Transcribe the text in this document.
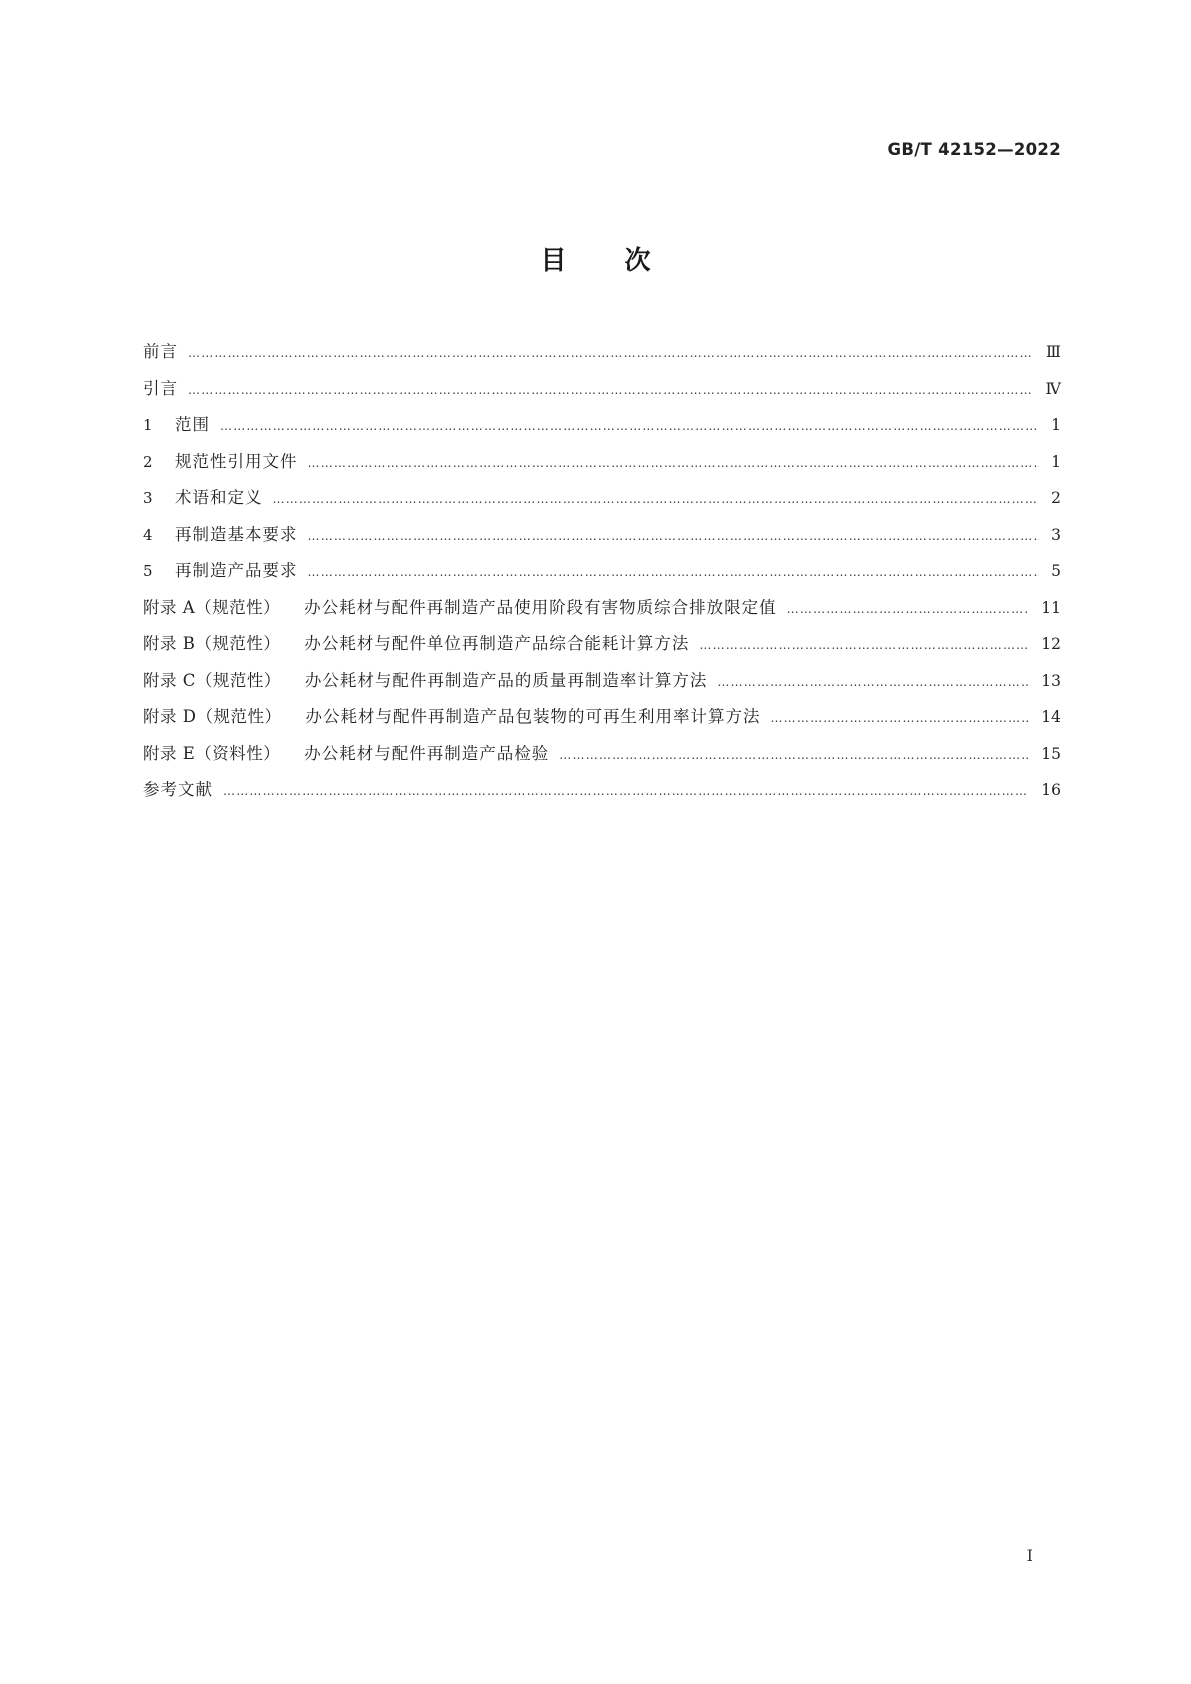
GB/T 42152—2022
目次
前言 …………………………………………………………………………………………………………………………………………………………………………………………………………………………………………	Ⅲ
引言 …………………………………………………………………………………………………………………………………………………………………………………………………………………………………………	Ⅳ
1	范围 …………………………………………………………………………………………………………………………………………………………………………………………………………………………………………	1
2	规范性引用文件 …………………………………………………………………………………………………………………………………………………………………………………………………………………………………………	1
3	术语和定义 …………………………………………………………………………………………………………………………………………………………………………………………………………………………………………	2
4	再制造基本要求 …………………………………………………………………………………………………………………………………………………………………………………………………………………………………………	3
5	再制造产品要求 …………………………………………………………………………………………………………………………………………………………………………………………………………………………………………	5
附录 A（规范性） 办公耗材与配件再制造产品使用阶段有害物质综合排放限定值 …………………………………………………………………………………………………………………………………………………………………………………………………………………………………………	11
附录 B（规范性） 办公耗材与配件单位再制造产品综合能耗计算方法 …………………………………………………………………………………………………………………………………………………………………………………………………………………………………………	12
附录 C（规范性） 办公耗材与配件再制造产品的质量再制造率计算方法 …………………………………………………………………………………………………………………………………………………………………………………………………………………………………………	13
附录 D（规范性） 办公耗材与配件再制造产品包装物的可再生利用率计算方法 …………………………………………………………………………………………………………………………………………………………………………………………………………………………………………	14
附录 E（资料性） 办公耗材与配件再制造产品检验 …………………………………………………………………………………………………………………………………………………………………………………………………………………………………………	15
参考文献 …………………………………………………………………………………………………………………………………………………………………………………………………………………………………………	16
Ⅰ
